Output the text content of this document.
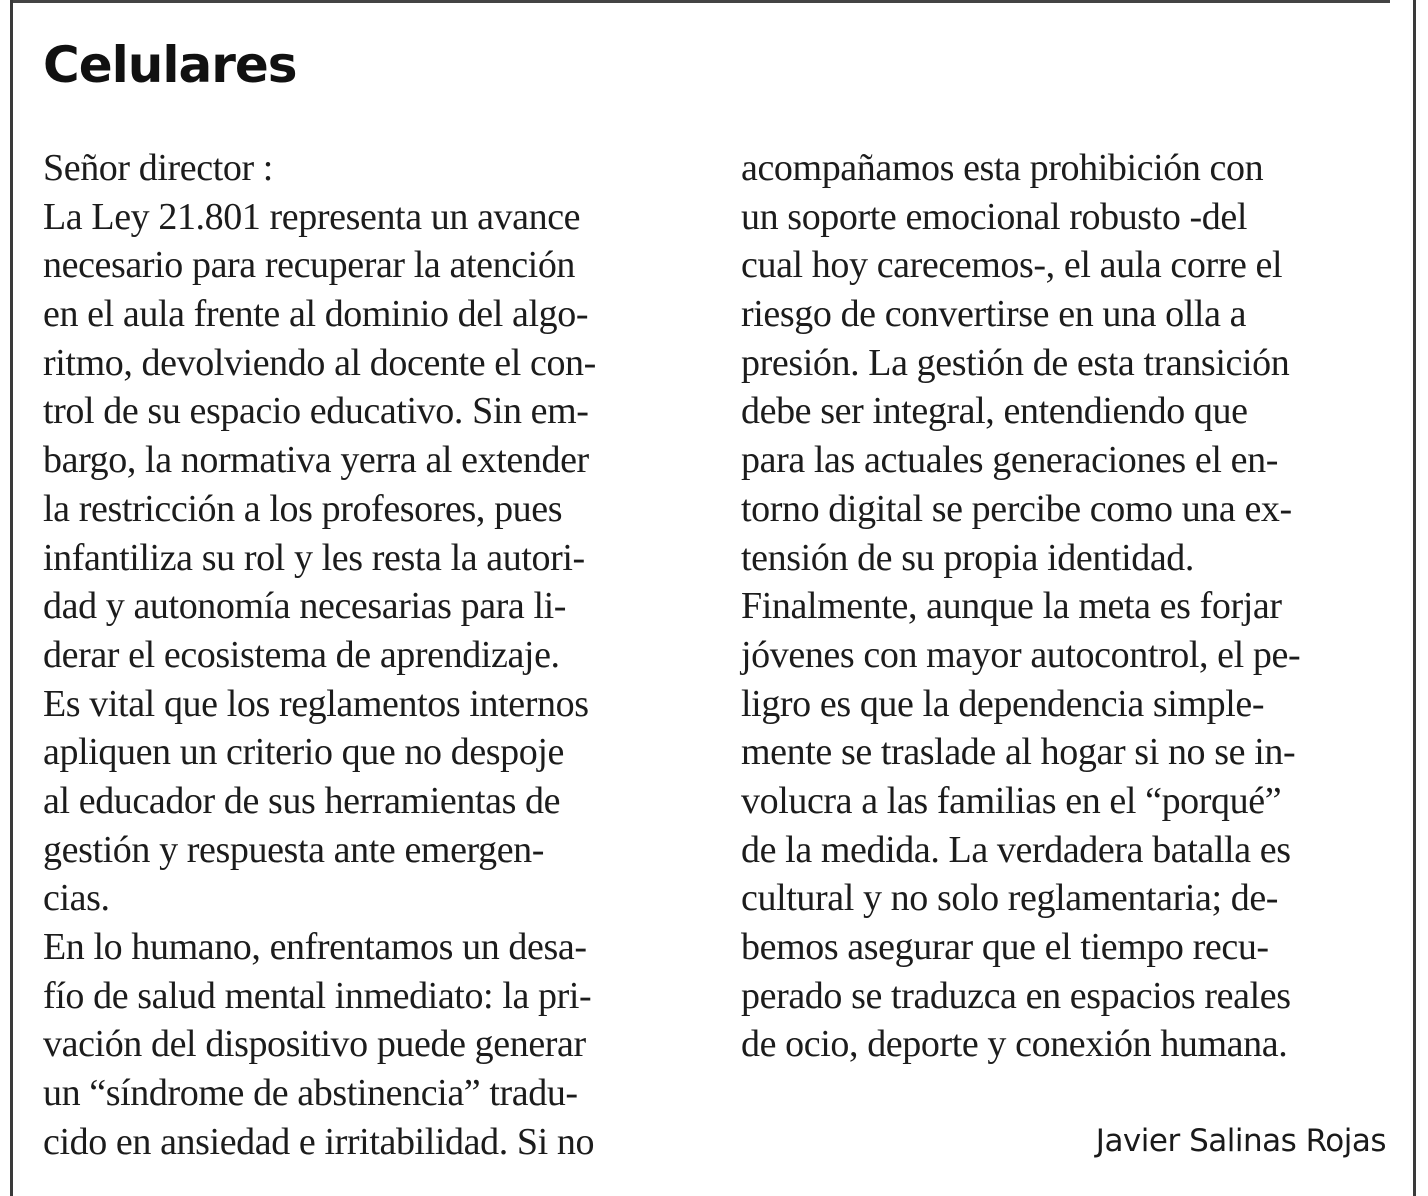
Celulares
Señor director :
La Ley 21.801 representa un avance
necesario para recuperar la atención
en el aula frente al dominio del algo-
ritmo, devolviendo al docente el con-
trol de su espacio educativo. Sin em-
bargo, la normativa yerra al extender
la restricción a los profesores, pues
infantiliza su rol y les resta la autori-
dad y autonomía necesarias para li-
derar el ecosistema de aprendizaje.
Es vital que los reglamentos internos
apliquen un criterio que no despoje
al educador de sus herramientas de
gestión y respuesta ante emergen-
cias.
En lo humano, enfrentamos un desa-
fío de salud mental inmediato: la pri-
vación del dispositivo puede generar
un “síndrome de abstinencia” tradu-
cido en ansiedad e irritabilidad. Si no
acompañamos esta prohibición con
un soporte emocional robusto -del
cual hoy carecemos-, el aula corre el
riesgo de convertirse en una olla a
presión. La gestión de esta transición
debe ser integral, entendiendo que
para las actuales generaciones el en-
torno digital se percibe como una ex-
tensión de su propia identidad.
Finalmente, aunque la meta es forjar
jóvenes con mayor autocontrol, el pe-
ligro es que la dependencia simple-
mente se traslade al hogar si no se in-
volucra a las familias en el “porqué”
de la medida. La verdadera batalla es
cultural y no solo reglamentaria; de-
bemos asegurar que el tiempo recu-
perado se traduzca en espacios reales
de ocio, deporte y conexión humana.
Javier Salinas Rojas
